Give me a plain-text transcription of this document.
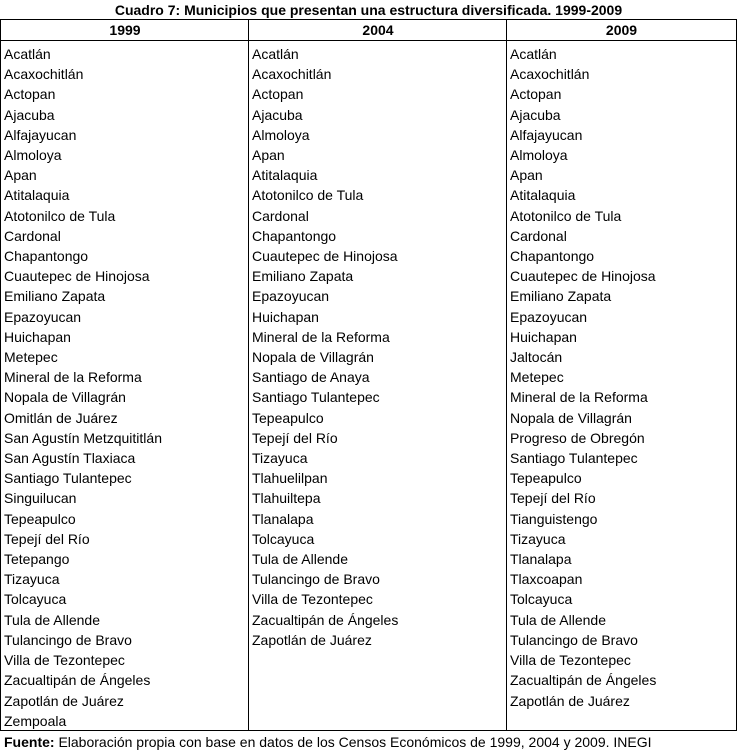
Cuadro 7: Municipios que presentan una estructura diversificada. 1999-2009
1999	2004	2009
Acatlán
Acaxochitlán
Actopan
Ajacuba
Alfajayucan
Almoloya
Apan
Atitalaquia
Atotonilco de Tula
Cardonal
Chapantongo
Cuautepec de Hinojosa
Emiliano Zapata
Epazoyucan
Huichapan
Metepec
Mineral de la Reforma
Nopala de Villagrán
Omitlán de Juárez
San Agustín Metzquititlán
San Agustín Tlaxiaca
Santiago Tulantepec
Singuilucan
Tepeapulco
Tepejí del Río
Tetepango
Tizayuca
Tolcayuca
Tula de Allende
Tulancingo de Bravo
Villa de Tezontepec
Zacualtipán de Ángeles
Zapotlán de Juárez
Zempoala
Acatlán
Acaxochitlán
Actopan
Ajacuba
Almoloya
Apan
Atitalaquia
Atotonilco de Tula
Cardonal
Chapantongo
Cuautepec de Hinojosa
Emiliano Zapata
Epazoyucan
Huichapan
Mineral de la Reforma
Nopala de Villagrán
Santiago de Anaya
Santiago Tulantepec
Tepeapulco
Tepejí del Río
Tizayuca
Tlahuelilpan
Tlahuiltepa
Tlanalapa
Tolcayuca
Tula de Allende
Tulancingo de Bravo
Villa de Tezontepec
Zacualtipán de Ángeles
Zapotlán de Juárez
Acatlán
Acaxochitlán
Actopan
Ajacuba
Alfajayucan
Almoloya
Apan
Atitalaquia
Atotonilco de Tula
Cardonal
Chapantongo
Cuautepec de Hinojosa
Emiliano Zapata
Epazoyucan
Huichapan
Jaltocán
Metepec
Mineral de la Reforma
Nopala de Villagrán
Progreso de Obregón
Santiago Tulantepec
Tepeapulco
Tepejí del Río
Tianguistengo
Tizayuca
Tlanalapa
Tlaxcoapan
Tolcayuca
Tula de Allende
Tulancingo de Bravo
Villa de Tezontepec
Zacualtipán de Ángeles
Zapotlán de Juárez
Fuente: Elaboración propia con base en datos de los Censos Económicos de 1999, 2004 y 2009. INEGI
